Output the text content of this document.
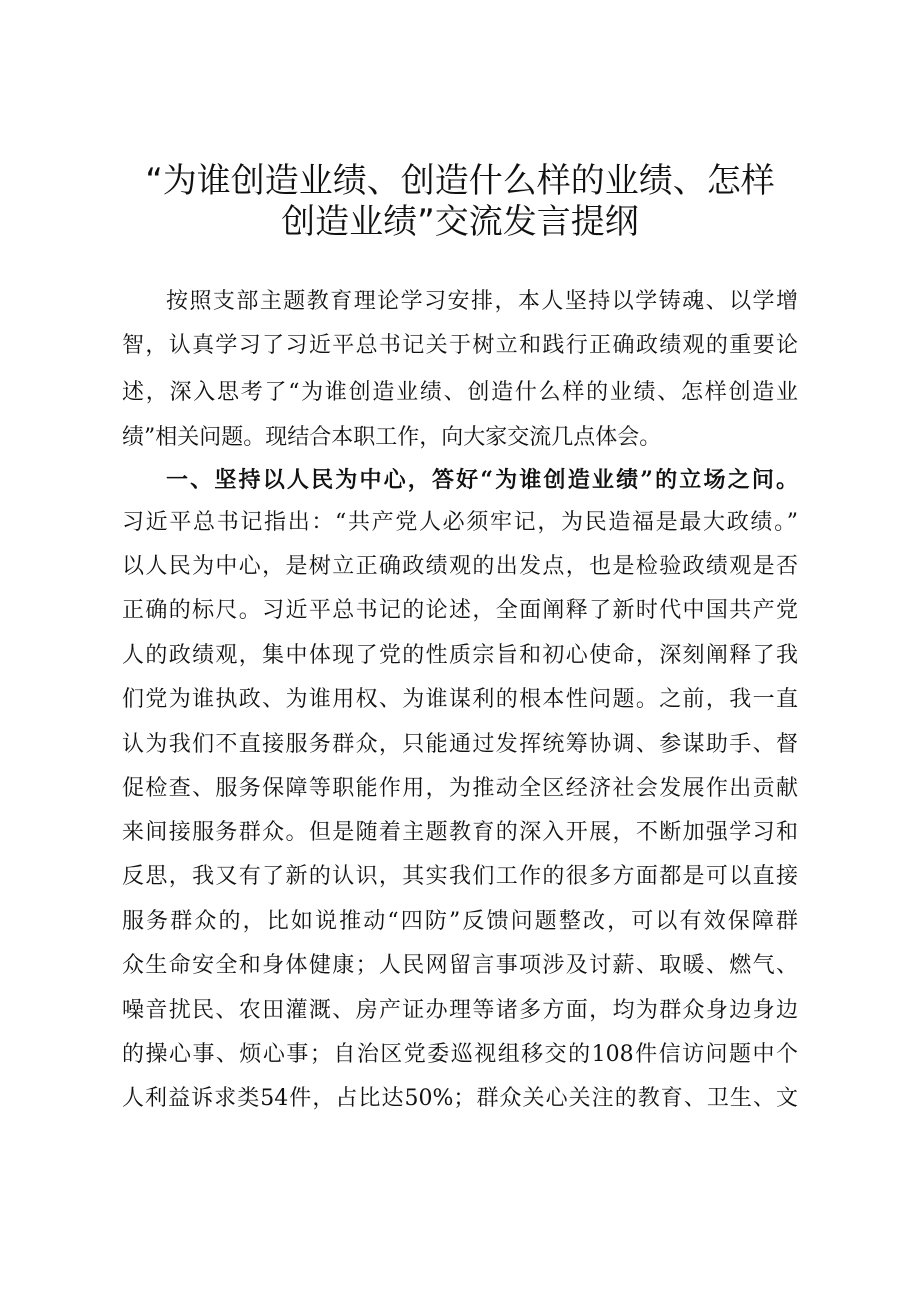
“为谁创造业绩、创造什么样的业绩、怎样
创造业绩”交流发言提纲
按照支部主题教育理论学习安排，本人坚持以学铸魂、以学增
智，认真学习了习近平总书记关于树立和践行正确政绩观的重要论
述，深入思考了“为谁创造业绩、创造什么样的业绩、怎样创造业
绩”相关问题。现结合本职工作，向大家交流几点体会。
一、坚持以人民为中心，答好“为谁创造业绩”的立场之问。
习近平总书记指出：“共产党人必须牢记，为民造福是最大政绩。”
以人民为中心，是树立正确政绩观的出发点，也是检验政绩观是否
正确的标尺。习近平总书记的论述，全面阐释了新时代中国共产党
人的政绩观，集中体现了党的性质宗旨和初心使命，深刻阐释了我
们党为谁执政、为谁用权、为谁谋利的根本性问题。之前，我一直
认为我们不直接服务群众，只能通过发挥统筹协调、参谋助手、督
促检查、服务保障等职能作用，为推动全区经济社会发展作出贡献
来间接服务群众。但是随着主题教育的深入开展，不断加强学习和
反思，我又有了新的认识，其实我们工作的很多方面都是可以直接
服务群众的，比如说推动“四防”反馈问题整改，可以有效保障群
众生命安全和身体健康；人民网留言事项涉及讨薪、取暖、燃气、
噪音扰民、农田灌溉、房产证办理等诸多方面，均为群众身边身边
的操心事、烦心事；自治区党委巡视组移交的108件信访问题中个
人利益诉求类54件，占比达50%；群众关心关注的教育、卫生、文
